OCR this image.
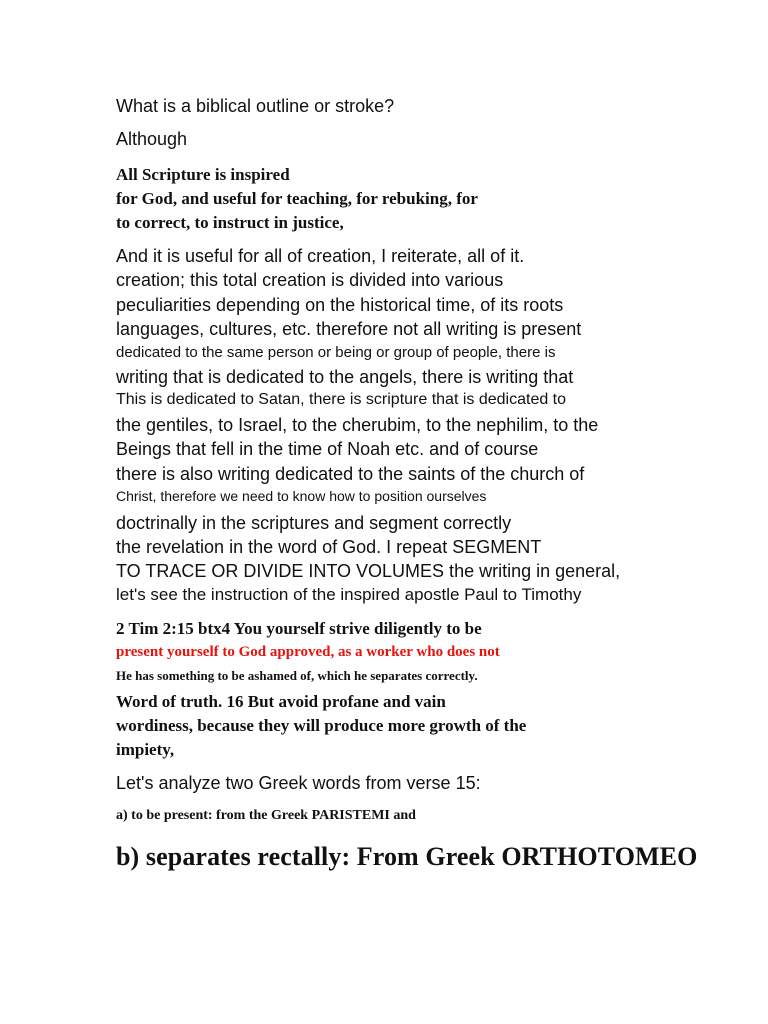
What is a biblical outline or stroke?
Although
All Scripture is inspired
for God, and useful for teaching, for rebuking, for
to correct, to instruct in justice,
And it is useful for all of creation, I reiterate, all of it.
creation; this total creation is divided into various
peculiarities depending on the historical time, of its roots
languages, cultures, etc. therefore not all writing is present
dedicated to the same person or being or group of people, there is
writing that is dedicated to the angels, there is writing that
This is dedicated to Satan, there is scripture that is dedicated to
the gentiles, to Israel, to the cherubim, to the nephilim, to the
Beings that fell in the time of Noah etc. and of course
there is also writing dedicated to the saints of the church of
Christ, therefore we need to know how to position ourselves
doctrinally in the scriptures and segment correctly
the revelation in the word of God. I repeat SEGMENT
TO TRACE OR DIVIDE INTO VOLUMES the writing in general,
let's see the instruction of the inspired apostle Paul to Timothy
2 Tim 2:15 btx4 You yourself strive diligently to be
present yourself to God approved, as a worker who does not
He has something to be ashamed of, which he separates correctly.
Word of truth. 16 But avoid profane and vain
wordiness, because they will produce more growth of the
impiety,
Let's analyze two Greek words from verse 15:
a) to be present: from the Greek PARISTEMI and
b) separates rectally: From Greek ORTHOTOMEO
